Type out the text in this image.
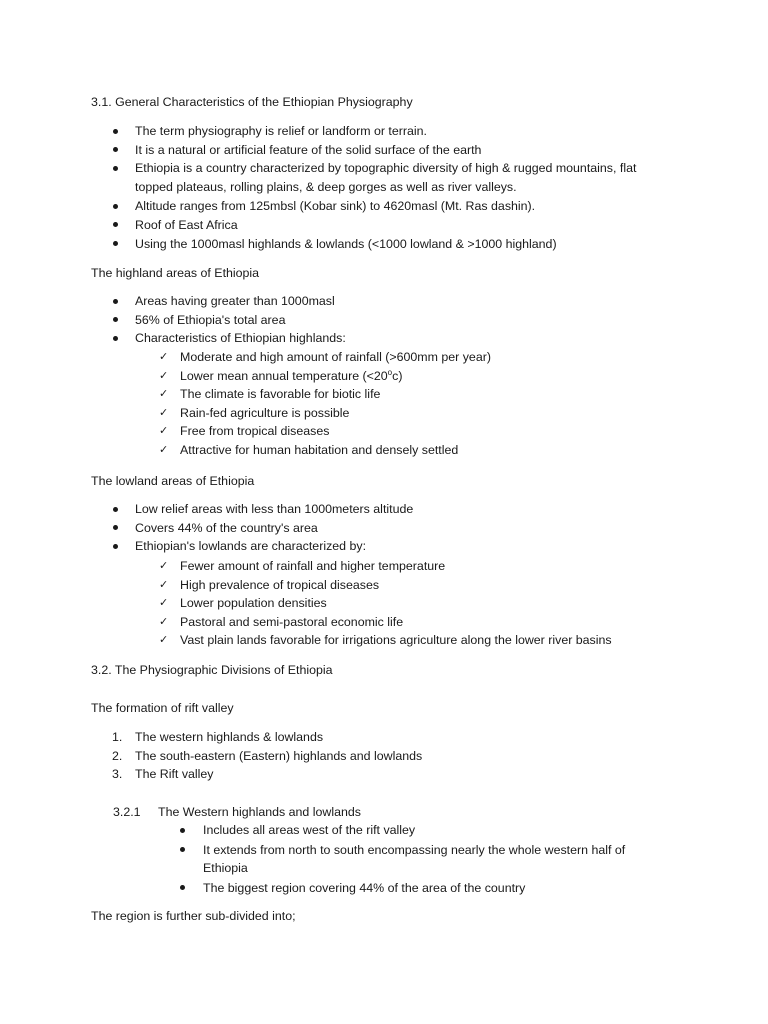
3.1. General Characteristics of the Ethiopian Physiography
The term physiography is relief or landform or terrain.
It is a natural or artificial feature of the solid surface of the earth
Ethiopia is a country characterized by topographic diversity of high & rugged mountains, flat topped plateaus, rolling plains, & deep gorges as well as river valleys.
Altitude ranges from 125mbsl (Kobar sink) to 4620masl (Mt. Ras dashin).
Roof of East Africa
Using the 1000masl highlands & lowlands (<1000 lowland & >1000 highland)
The highland areas of Ethiopia
Areas having greater than 1000masl
56% of Ethiopia's total area
Characteristics of Ethiopian highlands:
✓ Moderate and high amount of rainfall (>600mm per year)
✓ Lower mean annual temperature $(<20^oc)$
✓ The climate is favorable for biotic life
✓ Rain-fed agriculture is possible
✓ Free from tropical diseases
✓ Attractive for human habitation and densely settled
The lowland areas of Ethiopia
Low relief areas with less than 1000meters altitude
Covers 44% of the country's area
Ethiopian's lowlands are characterized by:
✓ Fewer amount of rainfall and higher temperature
✓ High prevalence of tropical diseases
✓ Lower population densities
✓ Pastoral and semi-pastoral economic life
✓ Vast plain lands favorable for irrigations agriculture along the lower river basins
3.2. The Physiographic Divisions of Ethiopia
The formation of rift valley
1. The western highlands & lowlands
2. The south-eastern (Eastern) highlands and lowlands
3. The Rift valley
3.2.1 The Western highlands and lowlands
Includes all areas west of the rift valley
It extends from north to south encompassing nearly the whole western half of Ethiopia
The biggest region covering 44% of the area of the country
The region is further sub-divided into;
